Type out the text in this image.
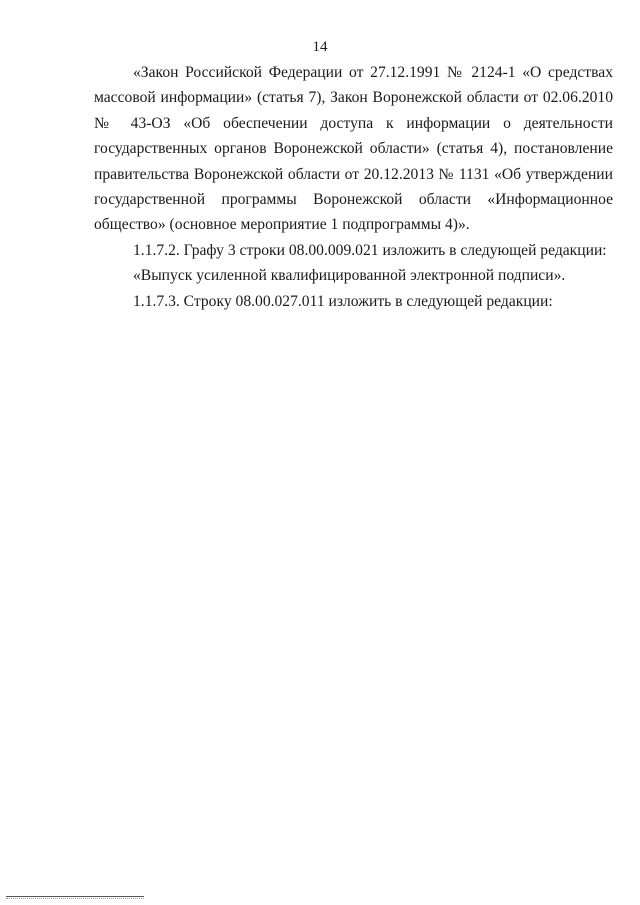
14
«Закон Российской Федерации от 27.12.1991 № 2124-1 «О средствах
массовой информации» (статья 7), Закон Воронежской области от 02.06.2010
№ 43-ОЗ «Об обеспечении доступа к информации о деятельности
государственных органов Воронежской области» (статья 4), постановление
правительства Воронежской области от 20.12.2013 № 1131 «Об утверждении
государственной программы Воронежской области «Информационное
общество» (основное мероприятие 1 подпрограммы 4)».
1.1.7.2. Графу 3 строки 08.00.009.021 изложить в следующей редакции:
«Выпуск усиленной квалифицированной электронной подписи».
1.1.7.3. Строку 08.00.027.011 изложить в следующей редакции:
